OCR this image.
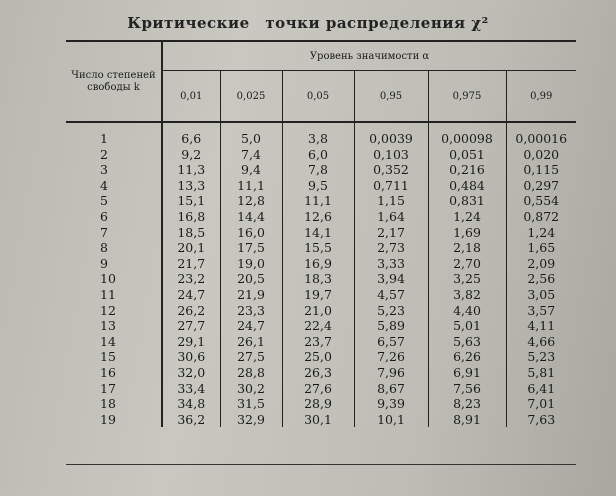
Критические точки распределения χ²
Число степеней свободы k	Уровень значимости α					
	0,01	0,025	0,05	0,95	0,975	0,99
1	6,6	5,0	3,8	0,0039	0,00098	0,00016
2	9,2	7,4	6,0	0,103	0,051	0,020
3	11,3	9,4	7,8	0,352	0,216	0,115
4	13,3	11,1	9,5	0,711	0,484	0,297
5	15,1	12,8	11,1	1,15	0,831	0,554
6	16,8	14,4	12,6	1,64	1,24	0,872
7	18,5	16,0	14,1	2,17	1,69	1,24
8	20,1	17,5	15,5	2,73	2,18	1,65
9	21,7	19,0	16,9	3,33	2,70	2,09
10	23,2	20,5	18,3	3,94	3,25	2,56
11	24,7	21,9	19,7	4,57	3,82	3,05
12	26,2	23,3	21,0	5,23	4,40	3,57
13	27,7	24,7	22,4	5,89	5,01	4,11
14	29,1	26,1	23,7	6,57	5,63	4,66
15	30,6	27,5	25,0	7,26	6,26	5,23
16	32,0	28,8	26,3	7,96	6,91	5,81
17	33,4	30,2	27,6	8,67	7,56	6,41
18	34,8	31,5	28,9	9,39	8,23	7,01
19	36,2	32,9	30,1	10,1	8,91	7,63
